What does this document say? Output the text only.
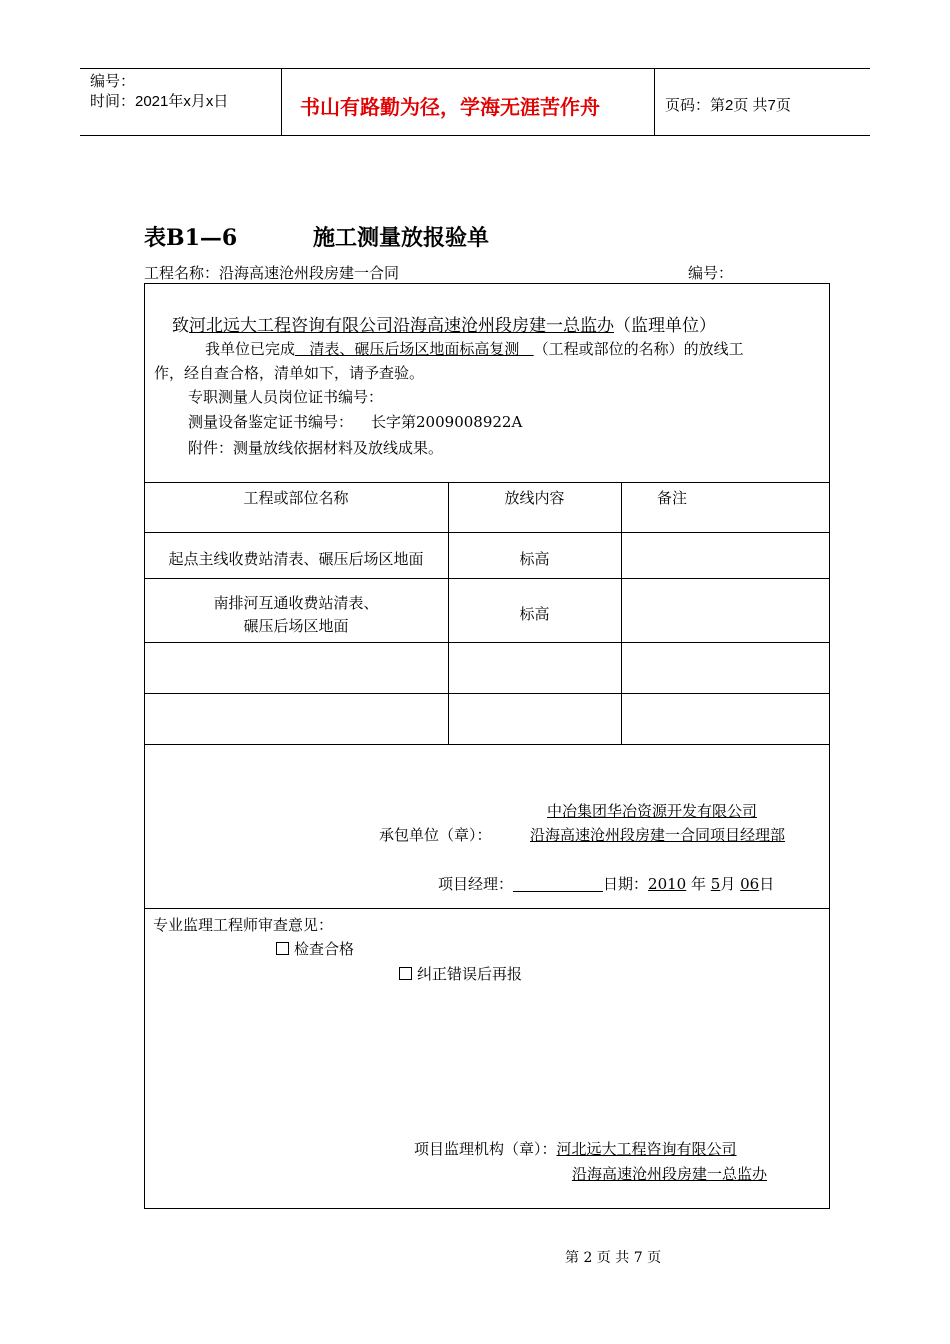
编号：
时间：2021年x月x日	书山有路勤为径，学海无涯苦作舟	页码：第2页 共7页
表B1—6	施工测量放报验单
工程名称：沿海高速沧州段房建一合同	编号：
致河北远大工程咨询有限公司沿海高速沧州段房建一总监办（监理单位）
我单位已完成   清表、碾压后场区地面标高复测   （工程或部位的名称）的放线工
作，经自查合格，清单如下，请予查验。
专职测量人员岗位证书编号：
测量设备鉴定证书编号： 长字第2009008922A
附件：测量放线依据材料及放线成果。
工程或部位名称	放线内容	备注
起点主线收费站清表、碾压后场区地面	标高
南排河互通收费站清表、
碾压后场区地面
标高
中冶集团华冶资源开发有限公司
承包单位（章）：	沿海高速沧州段房建一合同项目经理部
项目经理：	日期：2010 年 5月 06日
专业监理工程师审查意见：
检查合格
纠正错误后再报
项目监理机构（章）：河北远大工程咨询有限公司
沿海高速沧州段房建一总监办
第 2 页 共 7 页
